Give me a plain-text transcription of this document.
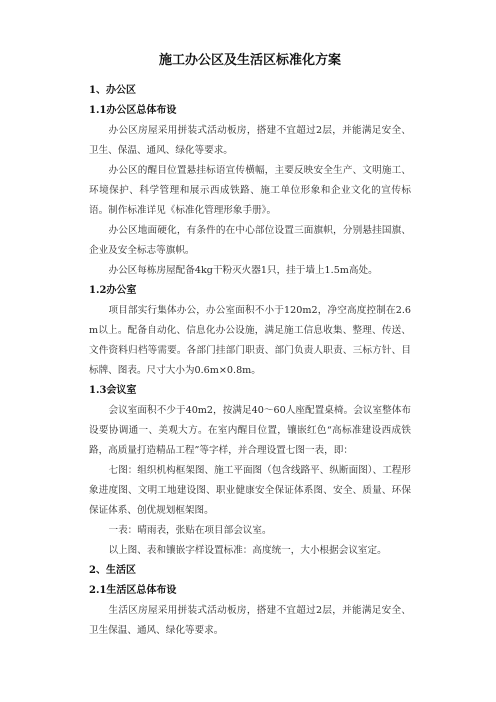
施工办公区及生活区标准化方案
1、办公区
1.1办公区总体布设
办公区房屋采用拼装式活动板房，搭建不宜超过2层，并能满足安全、卫生、保温、通风、绿化等要求。
办公区的醒目位置悬挂标语宣传横幅，主要反映安全生产、文明施工、环境保护、科学管理和展示西成铁路、施工单位形象和企业文化的宣传标语。制作标准详见《标准化管理形象手册》。
办公区地面硬化，有条件的在中心部位设置三面旗帜，分别悬挂国旗、企业及安全标志等旗帜。
办公区每栋房屋配备4kg干粉灭火器1只，挂于墙上1.5m高处。
1.2办公室
项目部实行集体办公，办公室面积不小于120m2，净空高度控制在2.6m以上。配备自动化、信息化办公设施，满足施工信息收集、整理、传送、文件资料归档等需要。各部门挂部门职责、部门负责人职责、三标方针、目标牌、图表。尺寸大小为0.6m×0.8m。
1.3会议室
会议室面积不少于40m2，按满足40～60人座配置桌椅。会议室整体布设要协调通一、美观大方。在室内醒目位置，镶嵌红色“高标准建设西成铁路，高质量打造精品工程”等字样，并合理设置七图一表，即：
七图：组织机构框架图、施工平面图（包含线路平、纵断面图）、工程形象进度图、文明工地建设图、职业健康安全保证体系图、安全、质量、环保保证体系、创优规划框架图。
一表：晴雨表，张贴在项目部会议室。
以上图、表和镶嵌字样设置标准：高度统一，大小根据会议室定。
2、生活区
2.1生活区总体布设
生活区房屋采用拼装式活动板房，搭建不宜超过2层，并能满足安全、卫生保温、通风、绿化等要求。
